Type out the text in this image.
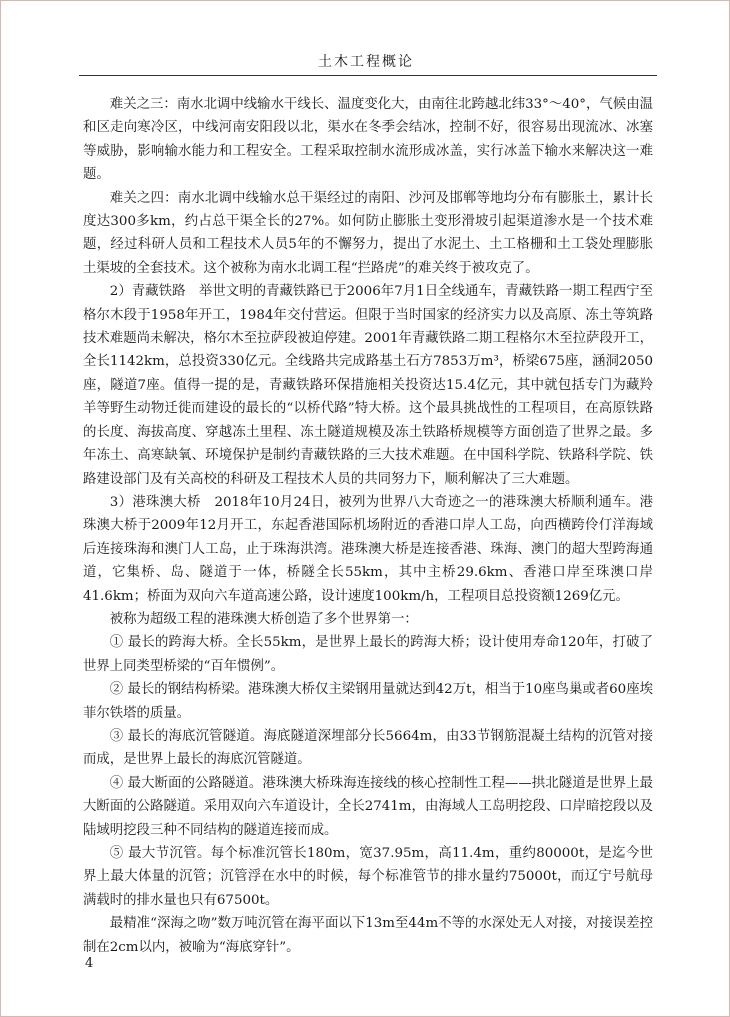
土木工程概论

难关之三：南水北调中线输水干线长、温度变化大，由南往北跨越北纬33°～40°，气候由温和区走向寒冷区，中线河南安阳段以北，渠水在冬季会结冰，控制不好，很容易出现流冰、冰塞等威胁，影响输水能力和工程安全。工程采取控制水流形成冰盖，实行冰盖下输水来解决这一难题。

难关之四：南水北调中线输水总干渠经过的南阳、沙河及邯郸等地均分布有膨胀土，累计长度达300多km，约占总干渠全长的27%。如何防止膨胀土变形滑坡引起渠道渗水是一个技术难题，经过科研人员和工程技术人员5年的不懈努力，提出了水泥土、土工格栅和土工袋处理膨胀土渠坡的全套技术。这个被称为南水北调工程“拦路虎”的难关终于被攻克了。

2）青藏铁路　举世文明的青藏铁路已于2006年7月1日全线通车，青藏铁路一期工程西宁至格尔木段于1958年开工，1984年交付营运。但限于当时国家的经济实力以及高原、冻土等筑路技术难题尚未解决，格尔木至拉萨段被迫停建。2001年青藏铁路二期工程格尔木至拉萨段开工，全长1142km，总投资330亿元。全线路共完成路基土石方7853万m³，桥梁675座，涵洞2050座，隧道7座。值得一提的是，青藏铁路环保措施相关投资达15.4亿元，其中就包括专门为藏羚羊等野生动物迁徙而建设的最长的“以桥代路”特大桥。这个最具挑战性的工程项目，在高原铁路的长度、海拔高度、穿越冻土里程、冻土隧道规模及冻土铁路桥规模等方面创造了世界之最。多年冻土、高寒缺氧、环境保护是制约青藏铁路的三大技术难题。在中国科学院、铁路科学院、铁路建设部门及有关高校的科研及工程技术人员的共同努力下，顺利解决了三大难题。

3）港珠澳大桥　2018年10月24日，被列为世界八大奇迹之一的港珠澳大桥顺利通车。港珠澳大桥于2009年12月开工，东起香港国际机场附近的香港口岸人工岛，向西横跨伶仃洋海域后连接珠海和澳门人工岛，止于珠海洪湾。港珠澳大桥是连接香港、珠海、澳门的超大型跨海通道，它集桥、岛、隧道于一体，桥隧全长55km，其中主桥29.6km、香港口岸至珠澳口岸41.6km；桥面为双向六车道高速公路，设计速度100km/h，工程项目总投资额1269亿元。

被称为超级工程的港珠澳大桥创造了多个世界第一：

① 最长的跨海大桥。全长55km，是世界上最长的跨海大桥；设计使用寿命120年，打破了世界上同类型桥梁的“百年惯例”。

② 最长的钢结构桥梁。港珠澳大桥仅主梁钢用量就达到42万t，相当于10座鸟巢或者60座埃菲尔铁塔的质量。

③ 最长的海底沉管隧道。海底隧道深埋部分长5664m，由33节钢筋混凝土结构的沉管对接而成，是世界上最长的海底沉管隧道。

④ 最大断面的公路隧道。港珠澳大桥珠海连接线的核心控制性工程——拱北隧道是世界上最大断面的公路隧道。采用双向六车道设计，全长2741m，由海域人工岛明挖段、口岸暗挖段以及陆域明挖段三种不同结构的隧道连接而成。

⑤ 最大节沉管。每个标准沉管长180m，宽37.95m，高11.4m，重约80000t，是迄今世界上最大体量的沉管；沉管浮在水中的时候，每个标准管节的排水量约75000t，而辽宁号航母满载时的排水量也只有67500t。

最精准“深海之吻”数万吨沉管在海平面以下13m至44m不等的水深处无人对接，对接误差控制在2cm以内，被喻为“海底穿针”。

4
